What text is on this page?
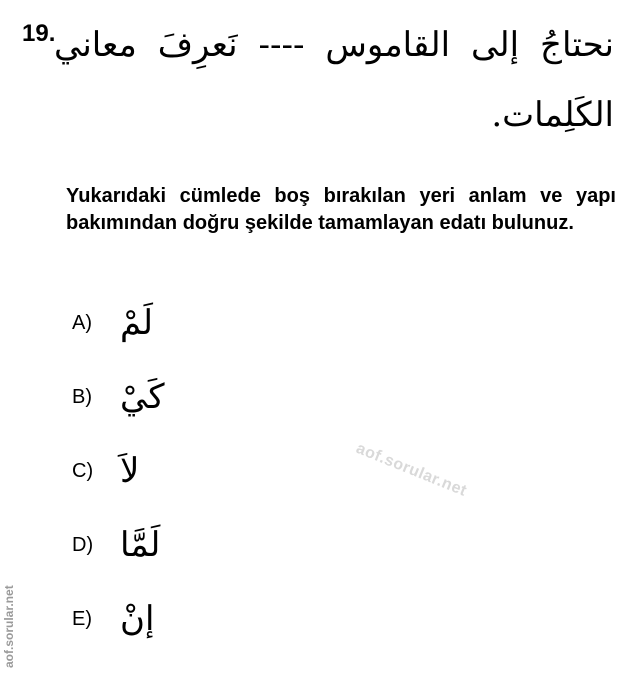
19.
نحتاجُ إلى القاموس ---- نَعرِفَ معاني
الكَلِمات.
Yukarıdaki cümlede boş bırakılan yeri anlam ve yapı bakımından doğru şekilde tamamlayan edatı bulunuz.
A) لَمْ
B) كَيْ
C) لاَ
D) لَمَّا
E) إنْ
aof.sorular.net
aof.sorular.net
